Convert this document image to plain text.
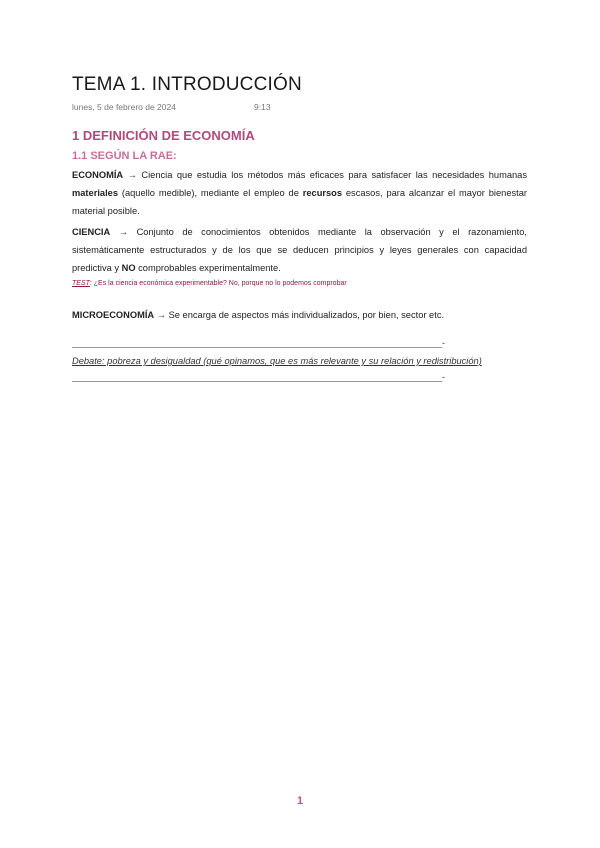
TEMA 1. INTRODUCCIÓN
lunes, 5 de febrero de 2024	9:13
1 DEFINICIÓN DE ECONOMÍA
1.1 SEGÚN LA RAE:
ECONOMÍA → Ciencia que estudia los métodos más eficaces para satisfacer las necesidades humanas materiales (aquello medible), mediante el empleo de recursos escasos, para alcanzar el mayor bienestar material posible.
CIENCIA → Conjunto de conocimientos obtenidos mediante la observación y el razonamiento, sistemáticamente estructurados y de los que se deducen principios y leyes generales con capacidad predictiva y NO comprobables experimentalmente.
TEST: ¿Es la ciencia económica experimentable? No, porque no lo podemos comprobar
MICROECONOMÍA → Se encarga de aspectos más individualizados, por bien, sector etc.
_____________________________________________________________________________-
Debate: pobreza y desigualdad (qué opinamos, que es más relevante y su relación y redistribución)
_____________________________________________________________________________-
1
